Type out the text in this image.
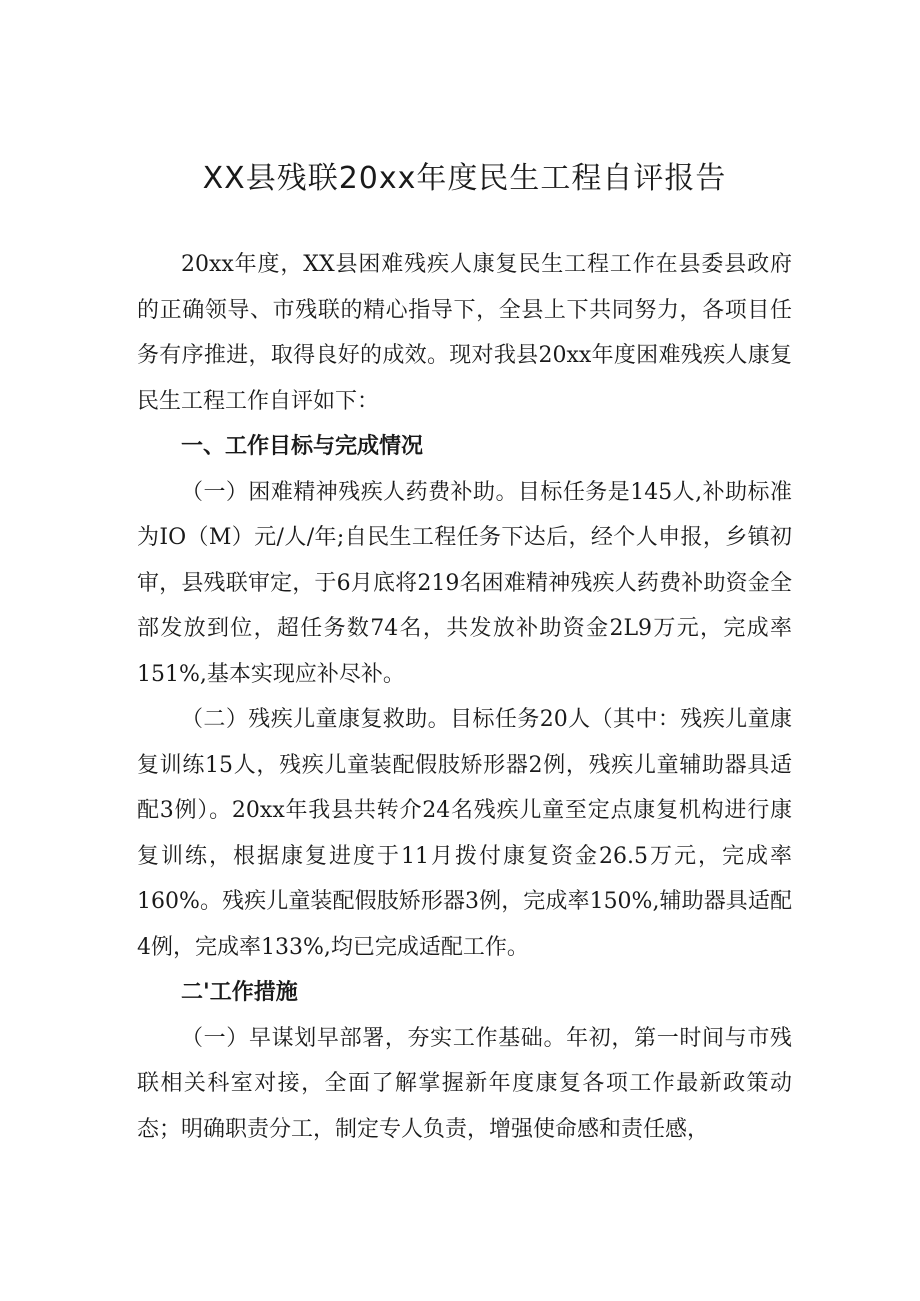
XX县残联20xx年度民生工程自评报告

20xx年度，XX县困难残疾人康复民生工程工作在县委县政府的正确领导、市残联的精心指导下，全县上下共同努力，各项目任务有序推进，取得良好的成效。现对我县20xx年度困难残疾人康复民生工程工作自评如下：

一、工作目标与完成情况

（一）困难精神残疾人药费补助。目标任务是145人,补助标准为IO（M）元/人/年;自民生工程任务下达后，经个人申报，乡镇初审，县残联审定，于6月底将219名困难精神残疾人药费补助资金全部发放到位，超任务数74名，共发放补助资金2L9万元，完成率151%,基本实现应补尽补。

（二）残疾儿童康复救助。目标任务20人（其中：残疾儿童康复训练15人，残疾儿童装配假肢矫形器2例，残疾儿童辅助器具适配3例）。20xx年我县共转介24名残疾儿童至定点康复机构进行康复训练，根据康复进度于11月拨付康复资金26.5万元，完成率160%。残疾儿童装配假肢矫形器3例，完成率150%,辅助器具适配4例，完成率133%,均已完成适配工作。

二'工作措施

（一）早谋划早部署，夯实工作基础。年初，第一时间与市残联相关科室对接，全面了解掌握新年度康复各项工作最新政策动态；明确职责分工，制定专人负责，增强使命感和责任感，
